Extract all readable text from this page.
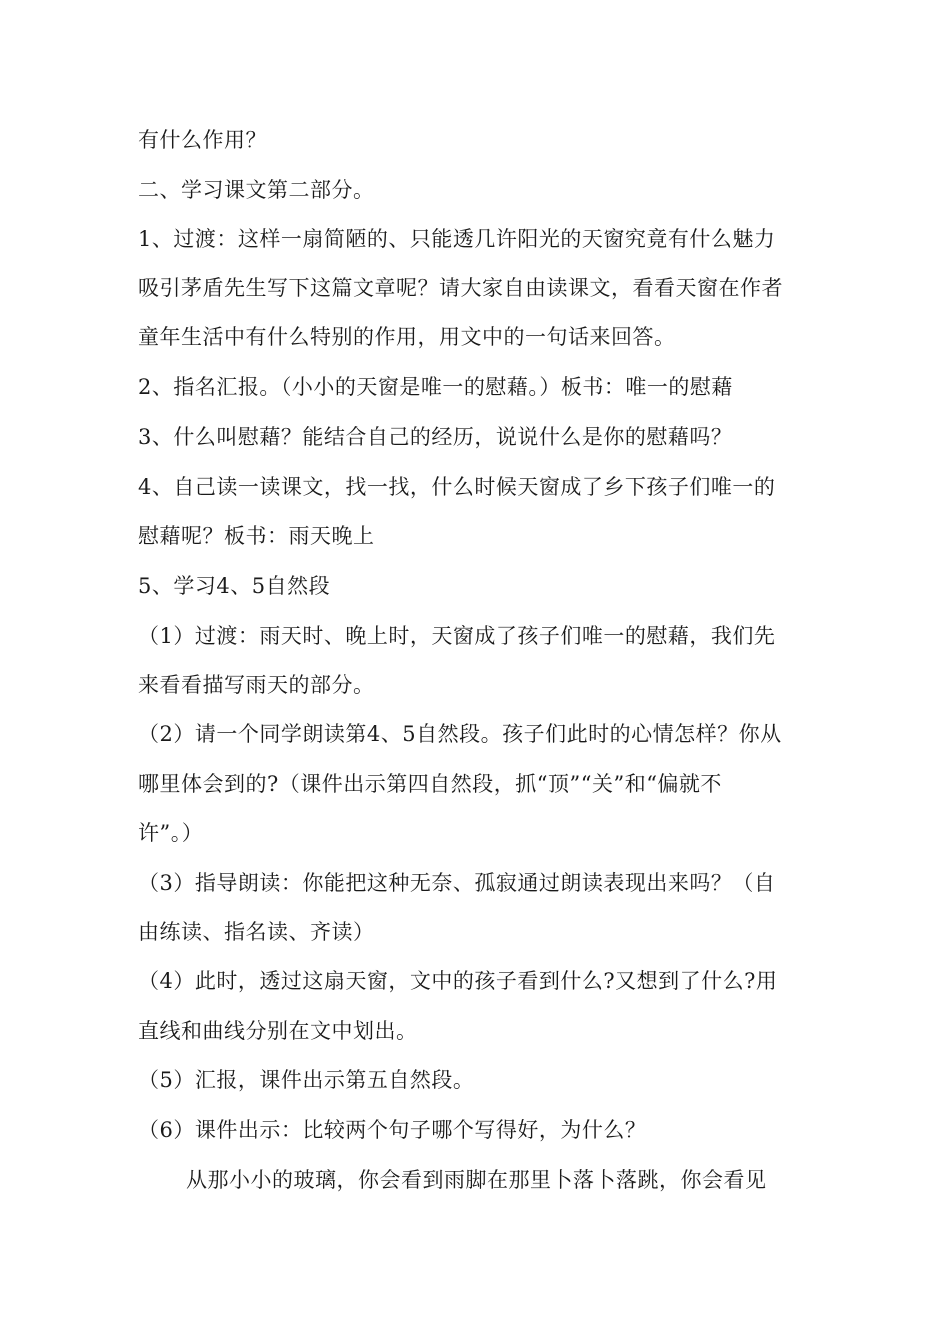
有什么作用？
二、学习课文第二部分。
1、过渡：这样一扇简陋的、只能透几许阳光的天窗究竟有什么魅力
吸引茅盾先生写下这篇文章呢？请大家自由读课文，看看天窗在作者
童年生活中有什么特别的作用，用文中的一句话来回答。
2、指名汇报。（小小的天窗是唯一的慰藉。）板书：唯一的慰藉
3、什么叫慰藉？能结合自己的经历，说说什么是你的慰藉吗？
4、自己读一读课文，找一找，什么时候天窗成了乡下孩子们唯一的
慰藉呢？板书：雨天晚上
5、学习4、5自然段
（1）过渡：雨天时、晚上时，天窗成了孩子们唯一的慰藉，我们先
来看看描写雨天的部分。
（2）请一个同学朗读第4、5自然段。孩子们此时的心情怎样？你从
哪里体会到的?（课件出示第四自然段，抓“顶”“关”和“偏就不
许”。）
（3）指导朗读：你能把这种无奈、孤寂通过朗读表现出来吗？（自
由练读、指名读、齐读）
（4）此时，透过这扇天窗，文中的孩子看到什么?又想到了什么?用
直线和曲线分别在文中划出。
（5）汇报，课件出示第五自然段。
（6）课件出示：比较两个句子哪个写得好，为什么？
从那小小的玻璃，你会看到雨脚在那里卜落卜落跳，你会看见
